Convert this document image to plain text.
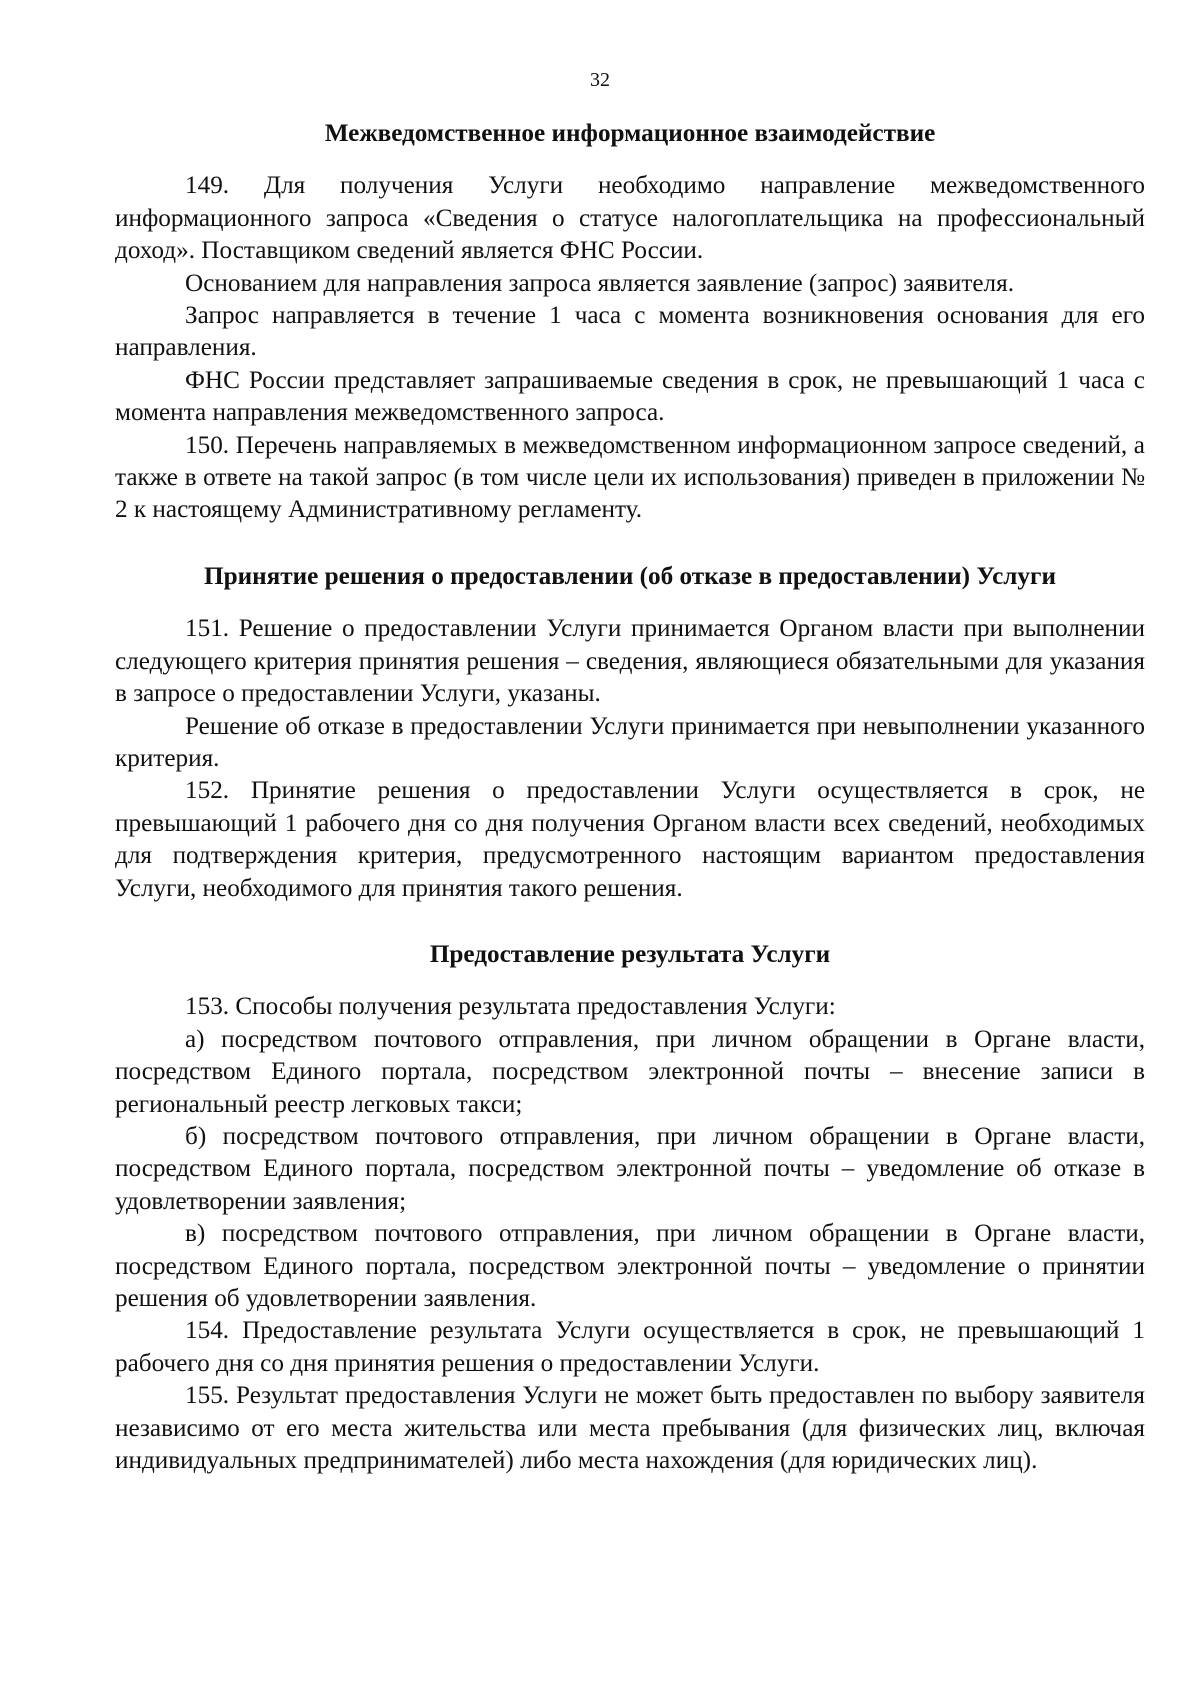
32
Межведомственное информационное взаимодействие

149. Для получения Услуги необходимо направление межведомственного информационного запроса «Сведения о статусе налогоплательщика на профессиональный доход». Поставщиком сведений является ФНС России.

Основанием для направления запроса является заявление (запрос) заявителя.

Запрос направляется в течение 1 часа с момента возникновения основания для его направления.

ФНС России представляет запрашиваемые сведения в срок, не превышающий 1 часа с момента направления межведомственного запроса.

150. Перечень направляемых в межведомственном информационном запросе сведений, а также в ответе на такой запрос (в том числе цели их использования) приведен в приложении № 2 к настоящему Административному регламенту.

Принятие решения о предоставлении (об отказе в предоставлении) Услуги

151. Решение о предоставлении Услуги принимается Органом власти при выполнении следующего критерия принятия решения – сведения, являющиеся обязательными для указания в запросе о предоставлении Услуги, указаны.

Решение об отказе в предоставлении Услуги принимается при невыполнении указанного критерия.

152. Принятие решения о предоставлении Услуги осуществляется в срок, не превышающий 1 рабочего дня со дня получения Органом власти всех сведений, необходимых для подтверждения критерия, предусмотренного настоящим вариантом предоставления Услуги, необходимого для принятия такого решения.

Предоставление результата Услуги

153. Способы получения результата предоставления Услуги:

а) посредством почтового отправления, при личном обращении в Органе власти, посредством Единого портала, посредством электронной почты – внесение записи в региональный реестр легковых такси;

б) посредством почтового отправления, при личном обращении в Органе власти, посредством Единого портала, посредством электронной почты – уведомление об отказе в удовлетворении заявления;

в) посредством почтового отправления, при личном обращении в Органе власти, посредством Единого портала, посредством электронной почты – уведомление о принятии решения об удовлетворении заявления.

154. Предоставление результата Услуги осуществляется в срок, не превышающий 1 рабочего дня со дня принятия решения о предоставлении Услуги.

155. Результат предоставления Услуги не может быть предоставлен по выбору заявителя независимо от его места жительства или места пребывания (для физических лиц, включая индивидуальных предпринимателей) либо места нахождения (для юридических лиц).
